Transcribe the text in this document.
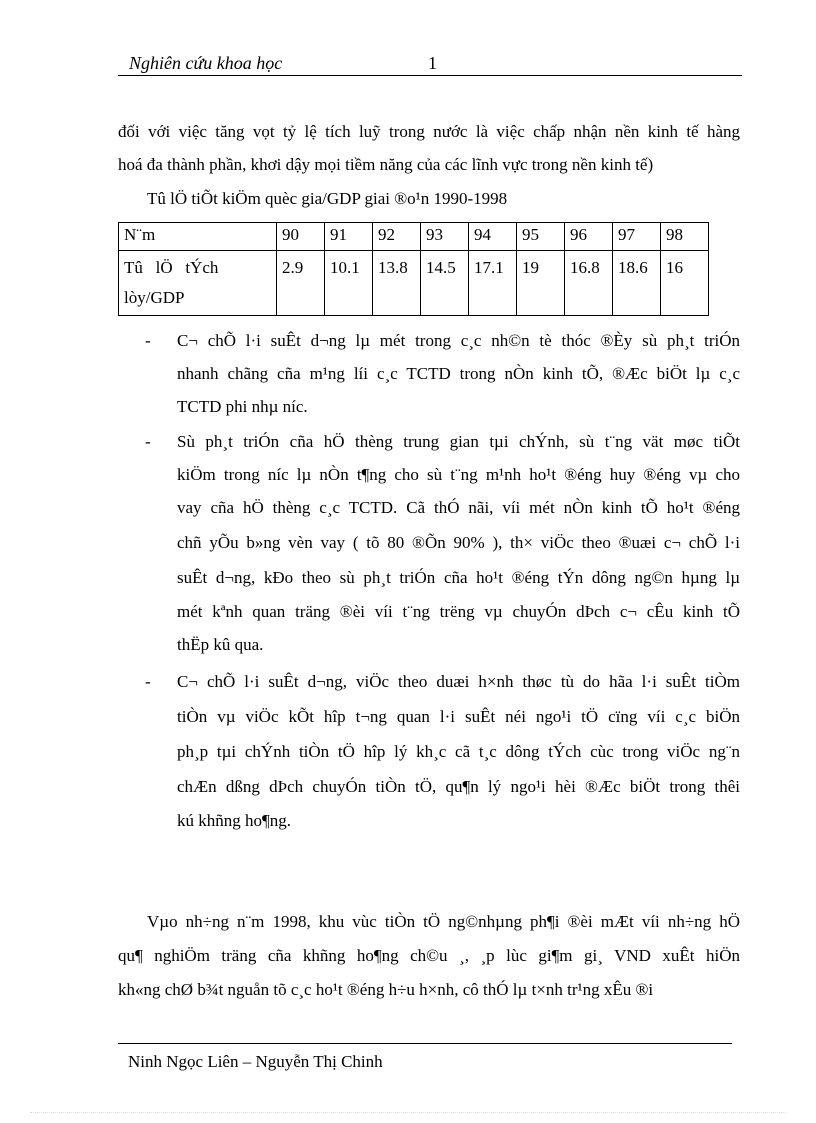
Nghiên cứu khoa học	1
đối với việc tăng vọt tỷ lệ tích luỹ trong nước là việc chấp nhận nền kinh tế hàng
hoá đa thành phần, khơi dậy mọi tiềm năng của các lĩnh vực trong nền kinh tế)
Tû lÖ tiÕt kiÖm quèc gia/GDP giai ®o¹n 1990-1998
N¨m	90	91	92	93	94	95	96	97	98

Tû   lÖ   tÝch
lòy/GDP	2.9	10.1	13.8	14.5	17.1	19	16.8	18.6	16
- C¬ chÕ l·i suÊt d¬ng lµ mét trong c¸c nh©n tè thóc ®Èy sù ph¸t triÓn
nhanh chãng cña m¹ng líi c¸c TCTD trong nÒn kinh tÕ, ®Æc biÖt lµ c¸c
TCTD phi nhµ níc.
- Sù ph¸t triÓn cña hÖ thèng trung gian tµi chÝnh, sù t¨ng vät møc tiÕt
kiÖm trong níc lµ nÒn t¶ng cho sù t¨ng m¹nh ho¹t ®éng huy ®éng vµ cho
vay cña hÖ thèng c¸c TCTD. Cã thÓ nãi, víi mét nÒn kinh tÕ ho¹t ®éng
chñ yÕu b»ng vèn vay ( tõ 80 ®Õn 90% ), th× viÖc theo ®uæi c¬ chÕ l·i
suÊt d¬ng, kÐo theo sù ph¸t triÓn cña ho¹t ®éng tÝn dông ng©n hµng lµ
mét kªnh quan träng ®èi víi t¨ng trëng vµ chuyÓn dÞch c¬ cÊu kinh tÕ
thËp kû qua.
- C¬ chÕ l·i suÊt d¬ng, viÖc theo duæi h×nh thøc tù do hãa l·i suÊt tiÒm
tiÒn vµ viÖc kÕt hîp t¬ng quan l·i suÊt néi ngo¹i tÖ cïng víi c¸c biÖn
ph¸p tµi chÝnh tiÒn tÖ hîp lý kh¸c cã t¸c dông tÝch cùc trong viÖc ng¨n
chÆn dßng dÞch chuyÓn tiÒn tÖ, qu¶n lý ngo¹i hèi ®Æc biÖt trong thêi
kú khñng ho¶ng.
Vµo nh÷ng n¨m 1998, khu vùc tiÒn tÖ ng©nhµng ph¶i ®èi mÆt víi nh÷ng hÖ
qu¶ nghiÖm träng cña khñng ho¶ng ch©u ¸, ¸p lùc gi¶m gi¸ VND xuÊt hiÖn
kh«ng chØ b¾t nguån tõ c¸c ho¹t ®éng h÷u h×nh, cô thÓ lµ t×nh tr¹ng xÊu ®i
Ninh Ngọc Liên – Nguyễn Thị Chinh
